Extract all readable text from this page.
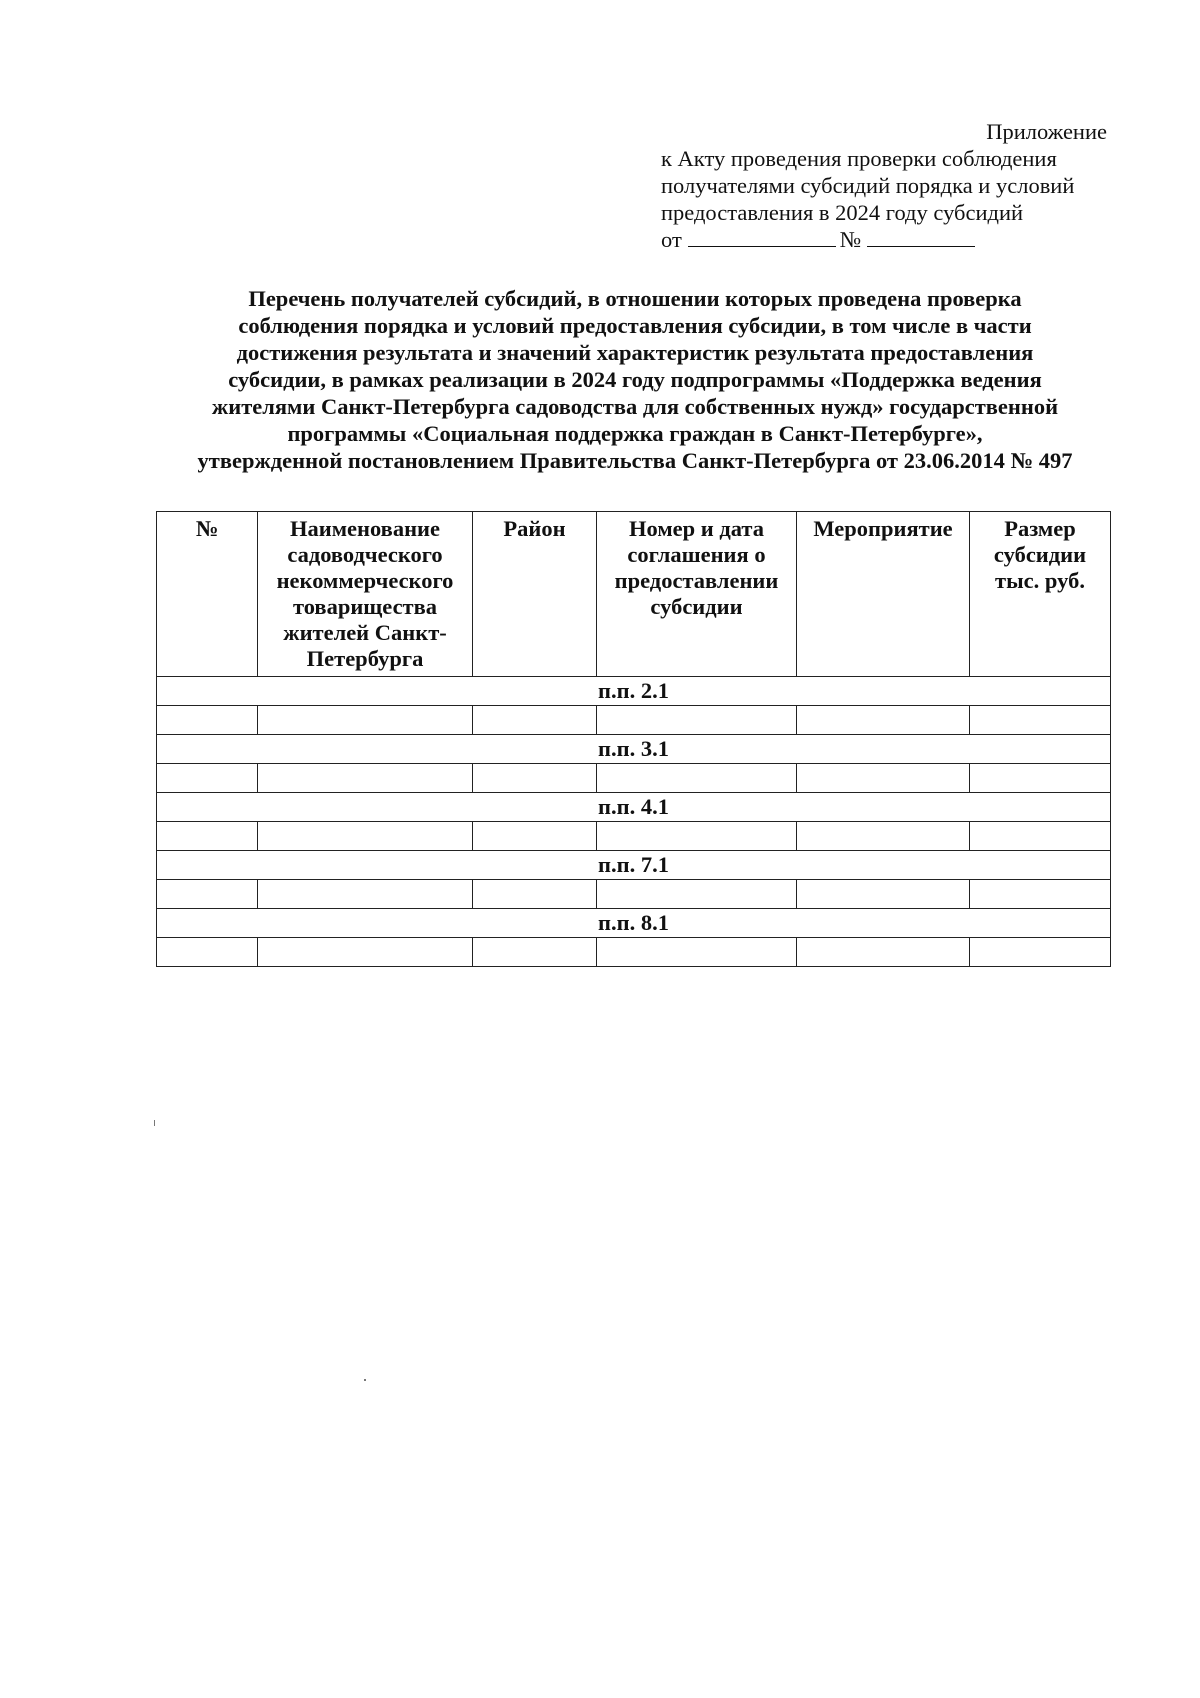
Приложение
к Акту проведения проверки соблюдения
получателями субсидий порядка и условий
предоставления в 2024 году субсидий
от	№
Перечень получателей субсидий, в отношении которых проведена проверка
соблюдения порядка и условий предоставления субсидии, в том числе в части
достижения результата и значений характеристик результата предоставления
субсидии, в рамках реализации в 2024 году подпрограммы «Поддержка ведения
жителями Санкт-Петербурга садоводства для собственных нужд» государственной
программы «Социальная поддержка граждан в Санкт-Петербурге»,
утвержденной постановлением Правительства Санкт-Петербурга от 23.06.2014 № 497
№	Наименование садоводческого некоммерческого товарищества жителей Санкт-Петербурга	Район	Номер и дата соглашения о предоставлении субсидии	Мероприятие	Размер субсидии тыс. руб.
п.п. 2.1					

п.п. 3.1					

п.п. 4.1					

п.п. 7.1					

п.п. 8.1					
